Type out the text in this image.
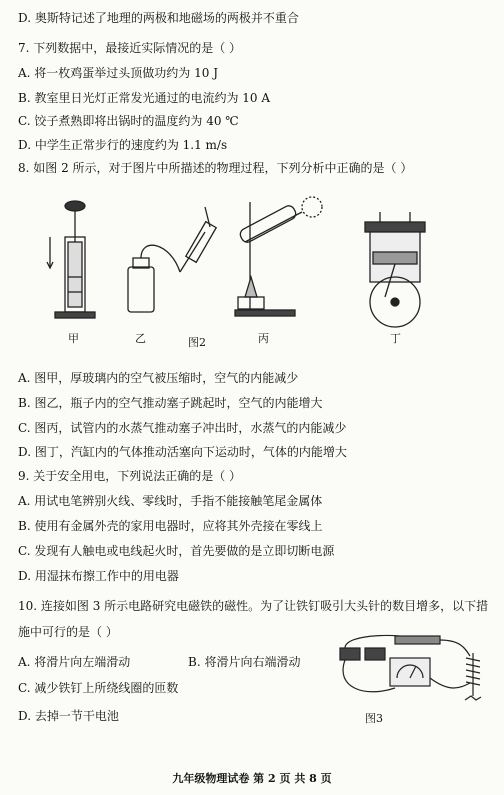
D. 奥斯特记述了地理的两极和地磁场的两极并不重合
7. 下列数据中，最接近实际情况的是（ ）
A. 将一枚鸡蛋举过头顶做功约为 10 J
B. 教室里日光灯正常发光通过的电流约为 10 A
C. 饺子煮熟即将出锅时的温度约为 40 ℃
D. 中学生正常步行的速度约为 1.1 m/s
8. 如图 2 所示，对于图片中所描述的物理过程，下列分析中正确的是（ ）
甲	乙	图2	丙	丁
A. 图甲，厚玻璃内的空气被压缩时，空气的内能减少
B. 图乙，瓶子内的空气推动塞子跳起时，空气的内能增大
C. 图丙，试管内的水蒸气推动塞子冲出时，水蒸气的内能减少
D. 图丁，汽缸内的气体推动活塞向下运动时，气体的内能增大
9. 关于安全用电，下列说法正确的是（ ）
A. 用试电笔辨别火线、零线时，手指不能接触笔尾金属体
B. 使用有金属外壳的家用电器时，应将其外壳接在零线上
C. 发现有人触电或电线起火时，首先要做的是立即切断电源
D. 用湿抹布擦工作中的用电器
10. 连接如图 3 所示电路研究电磁铁的磁性。为了让铁钉吸引大头针的数目增多，以下措
施中可行的是（ ）
A. 将滑片向左端滑动	B. 将滑片向右端滑动
C. 减少铁钉上所绕线圈的匝数
D. 去掉一节干电池	图3
九年级物理试卷 第 2 页 共 8 页
